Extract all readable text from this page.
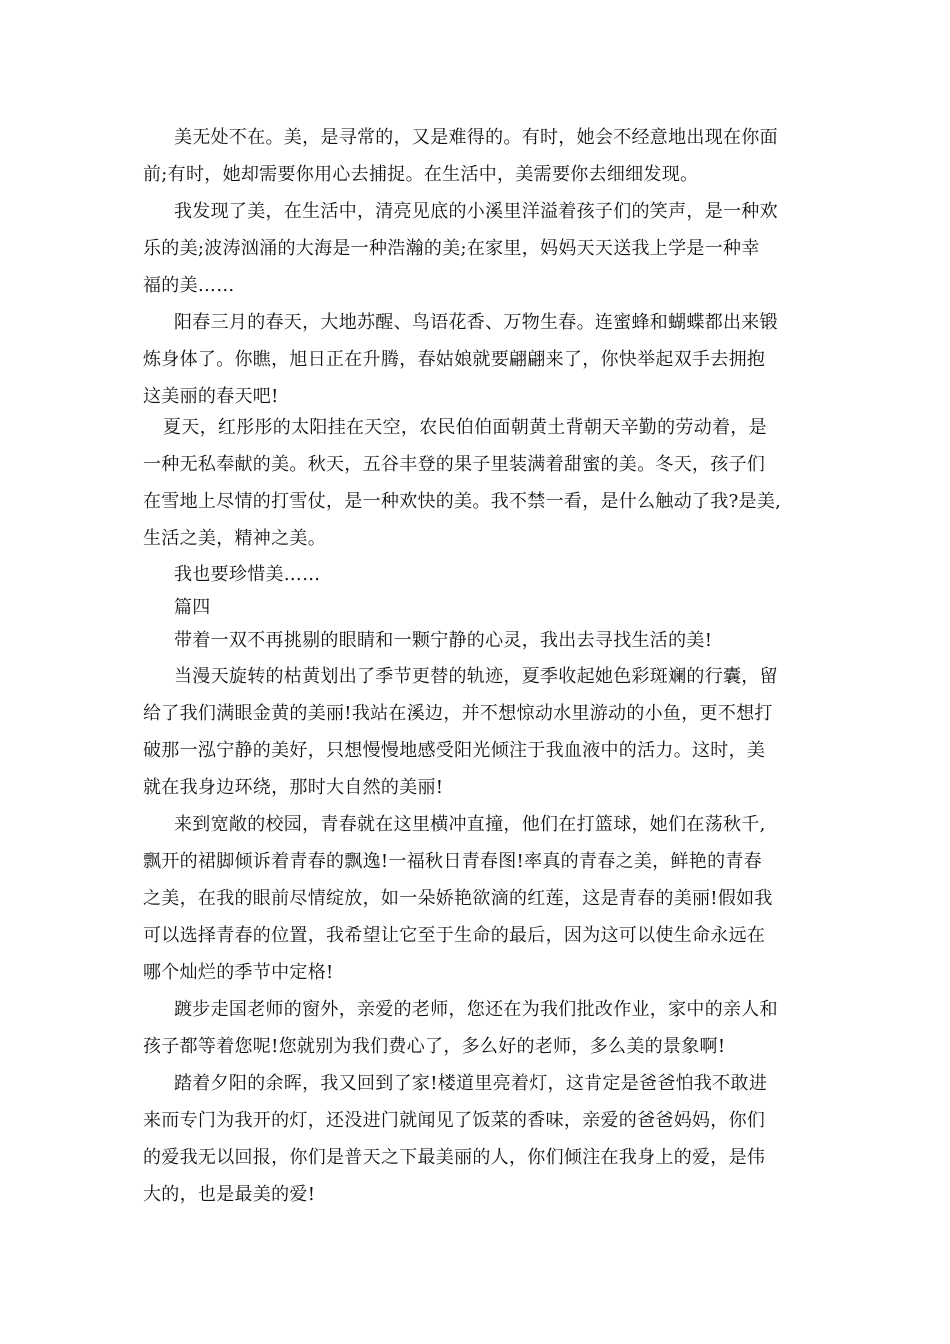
美无处不在。美，是寻常的，又是难得的。有时，她会不经意地出现在你面
前;有时，她却需要你用心去捕捉。在生活中，美需要你去细细发现。
我发现了美，在生活中，清亮见底的小溪里洋溢着孩子们的笑声，是一种欢
乐的美;波涛汹涌的大海是一种浩瀚的美;在家里，妈妈天天送我上学是一种幸
福的美……
阳春三月的春天，大地苏醒、鸟语花香、万物生春。连蜜蜂和蝴蝶都出来锻
炼身体了。你瞧，旭日正在升腾，春姑娘就要翩翩来了，你快举起双手去拥抱
这美丽的春天吧!
夏天，红彤彤的太阳挂在天空，农民伯伯面朝黄土背朝天辛勤的劳动着，是
一种无私奉献的美。秋天，五谷丰登的果子里装满着甜蜜的美。冬天，孩子们
在雪地上尽情的打雪仗，是一种欢快的美。我不禁一看，是什么触动了我?是美,
生活之美，精神之美。
我也要珍惜美……
篇四
带着一双不再挑剔的眼睛和一颗宁静的心灵，我出去寻找生活的美!
当漫天旋转的枯黄划出了季节更替的轨迹，夏季收起她色彩斑斓的行囊，留
给了我们满眼金黄的美丽!我站在溪边，并不想惊动水里游动的小鱼，更不想打
破那一泓宁静的美好，只想慢慢地感受阳光倾注于我血液中的活力。这时，美
就在我身边环绕，那时大自然的美丽!
来到宽敞的校园，青春就在这里横冲直撞，他们在打篮球，她们在荡秋千,
飘开的裙脚倾诉着青春的飘逸!一福秋日青春图!率真的青春之美，鲜艳的青春
之美，在我的眼前尽情绽放，如一朵娇艳欲滴的红莲，这是青春的美丽!假如我
可以选择青春的位置，我希望让它至于生命的最后，因为这可以使生命永远在
哪个灿烂的季节中定格!
踱步走国老师的窗外，亲爱的老师，您还在为我们批改作业，家中的亲人和
孩子都等着您呢!您就别为我们费心了，多么好的老师，多么美的景象啊!
踏着夕阳的余晖，我又回到了家!楼道里亮着灯，这肯定是爸爸怕我不敢进
来而专门为我开的灯，还没进门就闻见了饭菜的香味，亲爱的爸爸妈妈，你们
的爱我无以回报，你们是普天之下最美丽的人，你们倾注在我身上的爱，是伟
大的，也是最美的爱!
